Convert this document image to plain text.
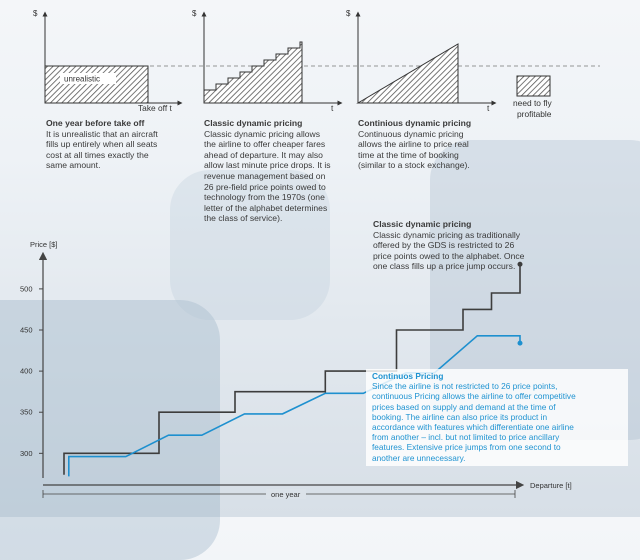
$
unrealistic
Take off t
$
t
$
t	need to fly
profitable
One year before take off
It is unrealistic that an aircraft
fills up entirely when all seats
cost at all times exactly the
same amount.
Classic dynamic pricing
Classic dynamic pricing allows
the airline to offer cheaper fares
ahead of departure. It may also
allow last minute price drops. It is
revenue management based on
26 pre-field price points owed to
technology from the 1970s (one
letter of the alphabet determines
the class of service).
Continious dynamic pricing
Continuous dynamic pricing
allows the airline to price real
time at the time of booking
(similar to a stock exchange).
Classic dynamic pricing
Classic dynamic pricing as traditionally
offered by the GDS is restricted to 26
price points owed to the alphabet. Once
one class fills up a price jump occurs.
Price [$]
Departure [t]
one year
300
350
400
450
500
Continuos Pricing
Since the airline is not restricted to 26 price points,
continuous Pricing allows the airline to offer competitive
prices based on supply and demand at the time of
booking. The airline can also price its product in
accordance with features which differentiate one airline
from another – incl. but not limited to price ancillary
features. Extensive price jumps from one second to
another are unnecessary.
